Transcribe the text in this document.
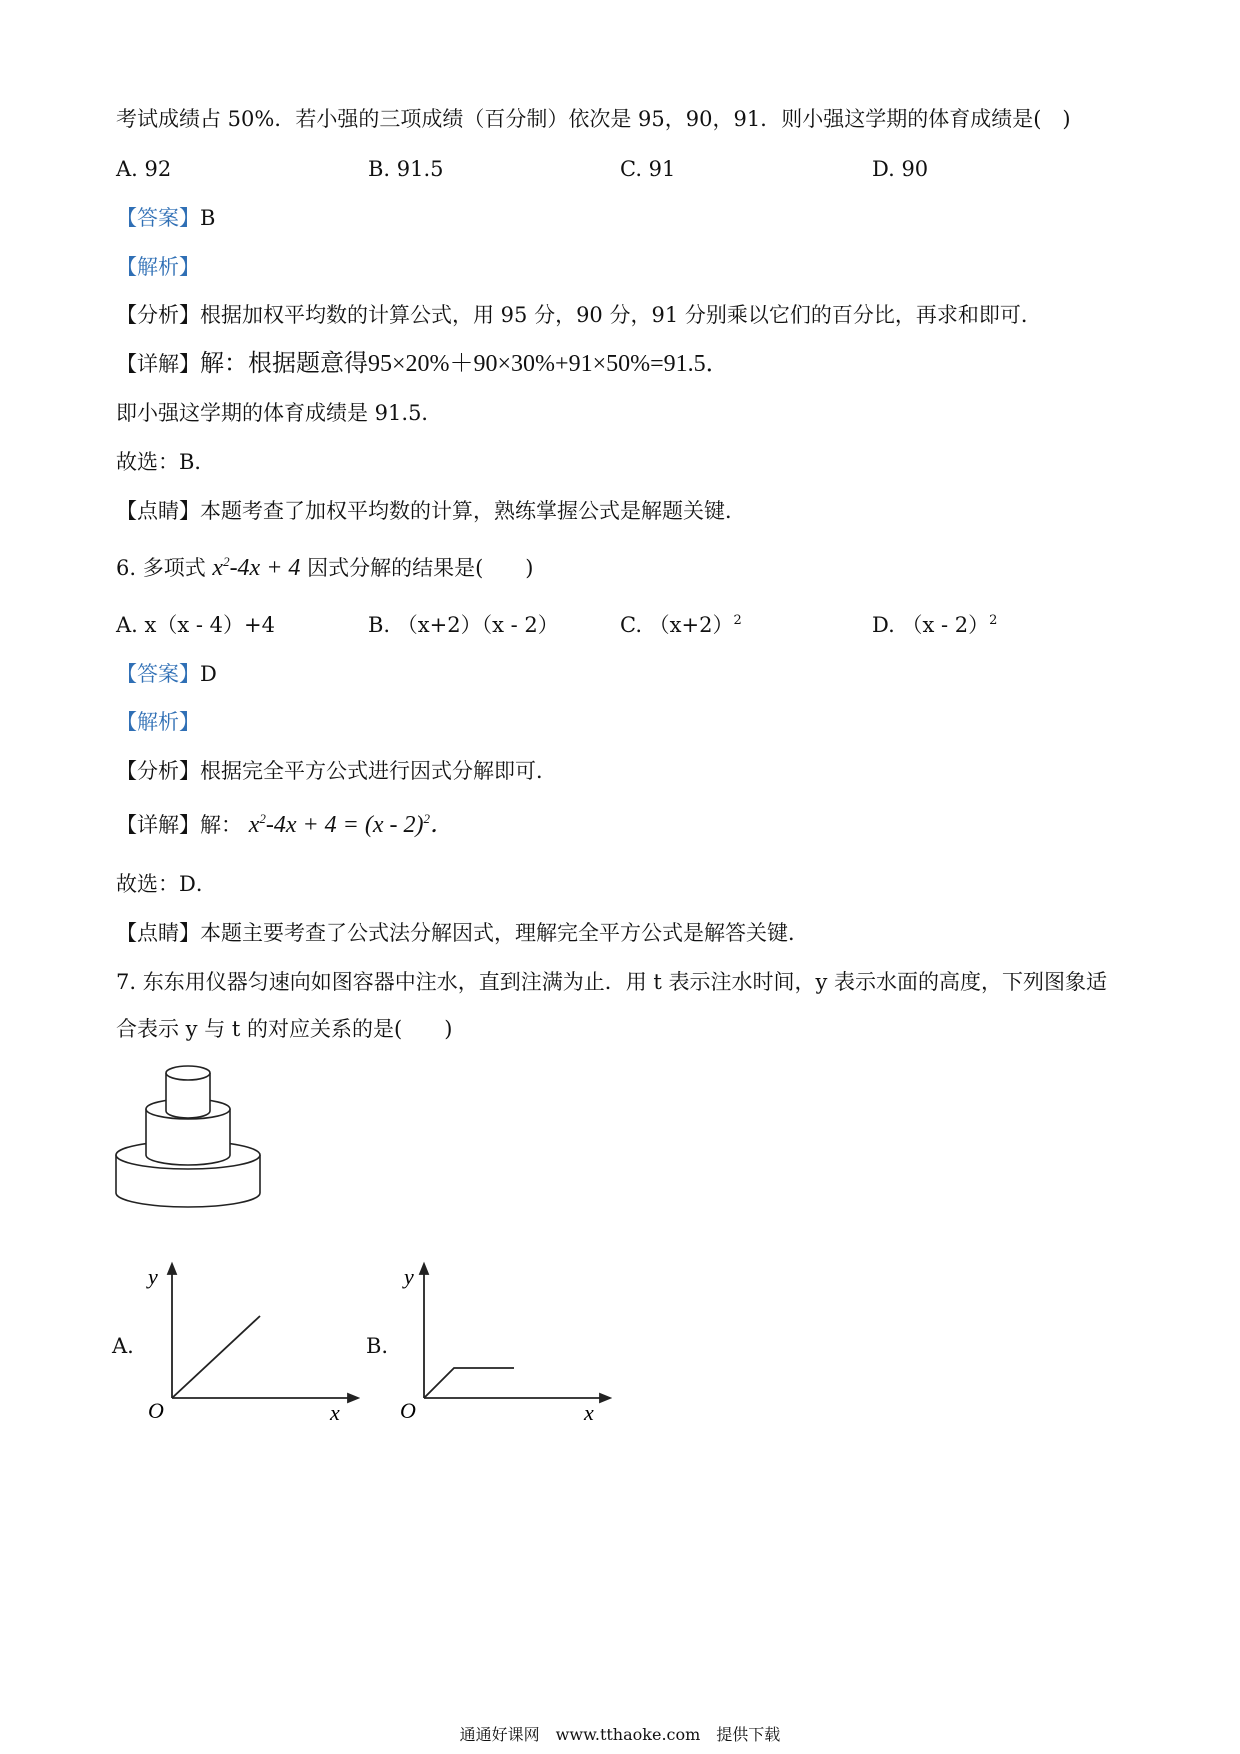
考试成绩占 50%．若小强的三项成绩（百分制）依次是 95，90，91．则小强这学期的体育成绩是(　)
A. 92	B. 91.5	C. 91	D. 90
【答案】B
【解析】
【分析】根据加权平均数的计算公式，用 95 分，90 分，91 分别乘以它们的百分比，再求和即可．
【详解】解：根据题意得95×20%＋90×30%+91×50%=91.5．
即小强这学期的体育成绩是 91.5．
故选：B．
【点睛】本题考查了加权平均数的计算，熟练掌握公式是解题关键．
6. 多项式 $x^2-4x + 4$ 因式分解的结果是(　　)
A. x（x - 4）+4	B. （x+2）（x - 2）	C. $(x+2)^2$	D. （x - 2）$^2$
【答案】D
【解析】
【分析】根据完全平方公式进行因式分解即可．
【详解】解： $x^2-4x + 4 = (x - 2)^2$．
故选：D．
【点睛】本题主要考查了公式法分解因式，理解完全平方公式是解答关键．
7. 东东用仪器匀速向如图容器中注水，直到注满为止．用 t 表示注水时间，y 表示水面的高度，下列图象适
合表示 y 与 t 的对应关系的是(　　)
A.
y
x
O
B.
y
x
O
通通好课网　www.tthaoke.com　提供下载
